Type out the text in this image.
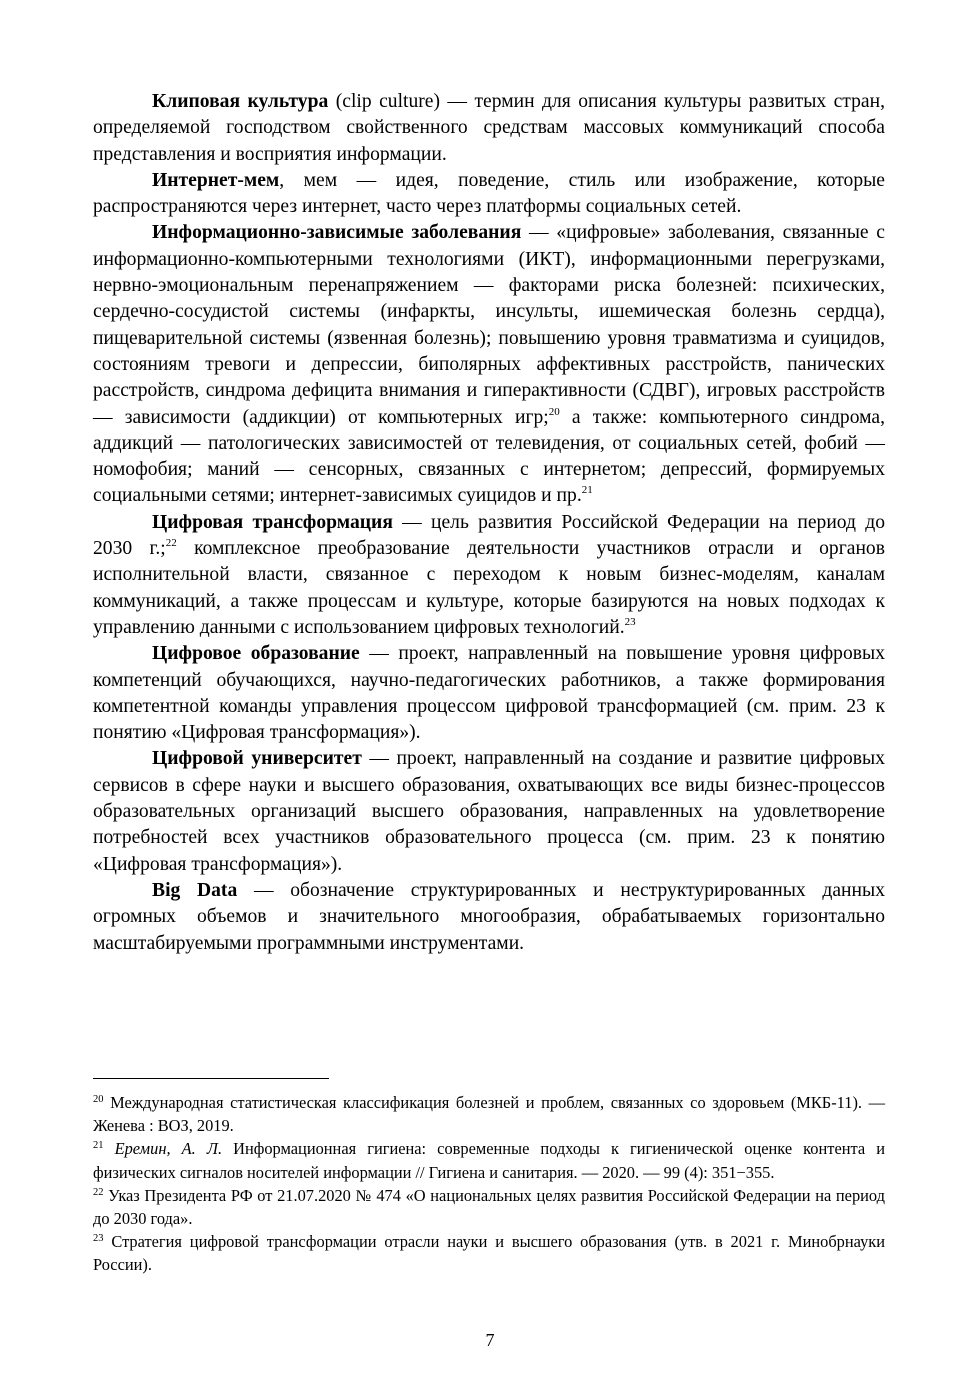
Клиповая культура (clip culture) — термин для описания культуры развитых стран, определяемой господством свойственного средствам массовых коммуникаций способа представления и восприятия информации.

Интернет-мем, мем — идея, поведение, стиль или изображение, которые распространяются через интернет, часто через платформы социальных сетей.

Информационно-зависимые заболевания — «цифровые» заболевания, связанные с информационно-компьютерными технологиями (ИКТ), информационными перегрузками, нервно-эмоциональным перенапряжением — факторами риска болезней: психических, сердечно-сосудистой системы (инфаркты, инсульты, ишемическая болезнь сердца), пищеварительной системы (язвенная болезнь); повышению уровня травматизма и суицидов, состояниям тревоги и депрессии, биполярных аффективных расстройств, панических расстройств, синдрома дефицита внимания и гиперактивности (СДВГ), игровых расстройств — зависимости (аддикции) от компьютерных игр;$^{20}$ а также: компьютерного синдрома, аддикций — патологических зависимостей от телевидения, от социальных сетей, фобий — номофобия; маний — сенсорных, связанных с интернетом; депрессий, формируемых социальными сетями; интернет-зависимых суицидов и пр.$^{21}$

Цифровая трансформация — цель развития Российской Федерации на период до 2030 г.;$^{22}$ комплексное преобразование деятельности участников отрасли и органов исполнительной власти, связанное с переходом к новым бизнес-моделям, каналам коммуникаций, а также процессам и культуре, которые базируются на новых подходах к управлению данными с использованием цифровых технологий.$^{23}$

Цифровое образование — проект, направленный на повышение уровня цифровых компетенций обучающихся, научно-педагогических работников, а также формирования компетентной команды управления процессом цифровой трансформацией (см. прим. 23 к понятию «Цифровая трансформация»).

Цифровой университет — проект, направленный на создание и развитие цифровых сервисов в сфере науки и высшего образования, охватывающих все виды бизнес-процессов образовательных организаций высшего образования, направленных на удовлетворение потребностей всех участников образовательного процесса (см. прим. 23 к понятию «Цифровая трансформация»).

Big Data — обозначение структурированных и неструктурированных данных огромных объемов и значительного многообразия, обрабатываемых горизонтально масштабируемыми программными инструментами.

$^{20}$ Международная статистическая классификация болезней и проблем, связанных со здоровьем (МКБ-11). — Женева : ВОЗ, 2019.

$^{21}$ Еремин, А. Л. Информационная гигиена: современные подходы к гигиенической оценке контента и физических сигналов носителей информации // Гигиена и санитария. — 2020. — 99 (4): 351−355.

$^{22}$ Указ Президента РФ от 21.07.2020 № 474 «О национальных целях развития Российской Федерации на период до 2030 года».

$^{23}$ Стратегия цифровой трансформации отрасли науки и высшего образования (утв. в 2021 г. Минобрнауки России).

7
